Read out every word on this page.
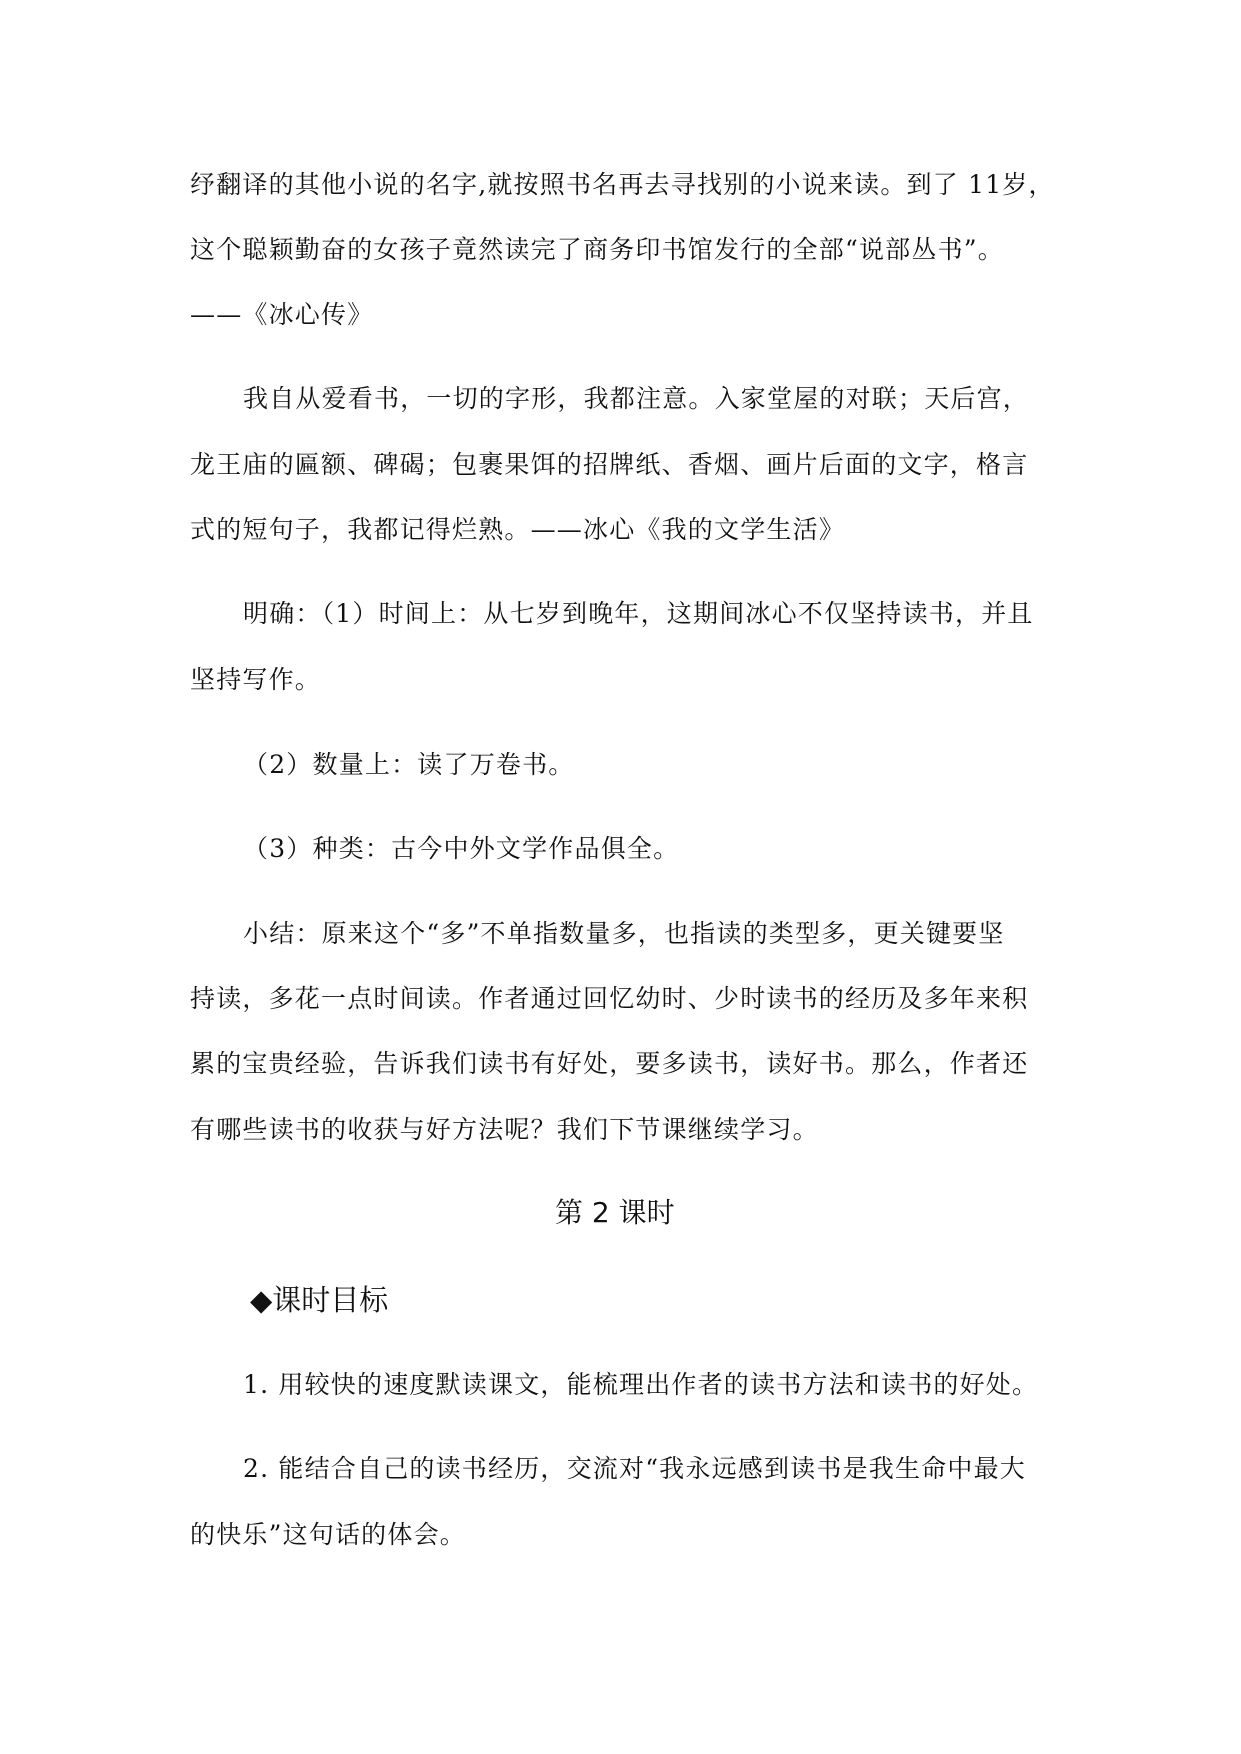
纾翻译的其他小说的名字,就按照书名再去寻找别的小说来读。到了 11岁，
这个聪颖勤奋的女孩子竟然读完了商务印书馆发行的全部“说部丛书”。
——《冰心传》
我自从爱看书，一切的字形，我都注意。入家堂屋的对联；天后宫，
龙王庙的匾额、碑碣；包裹果饵的招牌纸、香烟、画片后面的文字，格言
式的短句子，我都记得烂熟。——冰心《我的文学生活》
明确：（1）时间上：从七岁到晚年，这期间冰心不仅坚持读书，并且
坚持写作。
（2）数量上：读了万卷书。
（3）种类：古今中外文学作品俱全。
小结：原来这个“多”不单指数量多，也指读的类型多，更关键要坚
持读，多花一点时间读。作者通过回忆幼时、少时读书的经历及多年来积
累的宝贵经验，告诉我们读书有好处，要多读书，读好书。那么，作者还
有哪些读书的收获与好方法呢？我们下节课继续学习。
第 2 课时
◆课时目标
1. 用较快的速度默读课文，能梳理出作者的读书方法和读书的好处。
2. 能结合自己的读书经历，交流对“我永远感到读书是我生命中最大
的快乐”这句话的体会。
